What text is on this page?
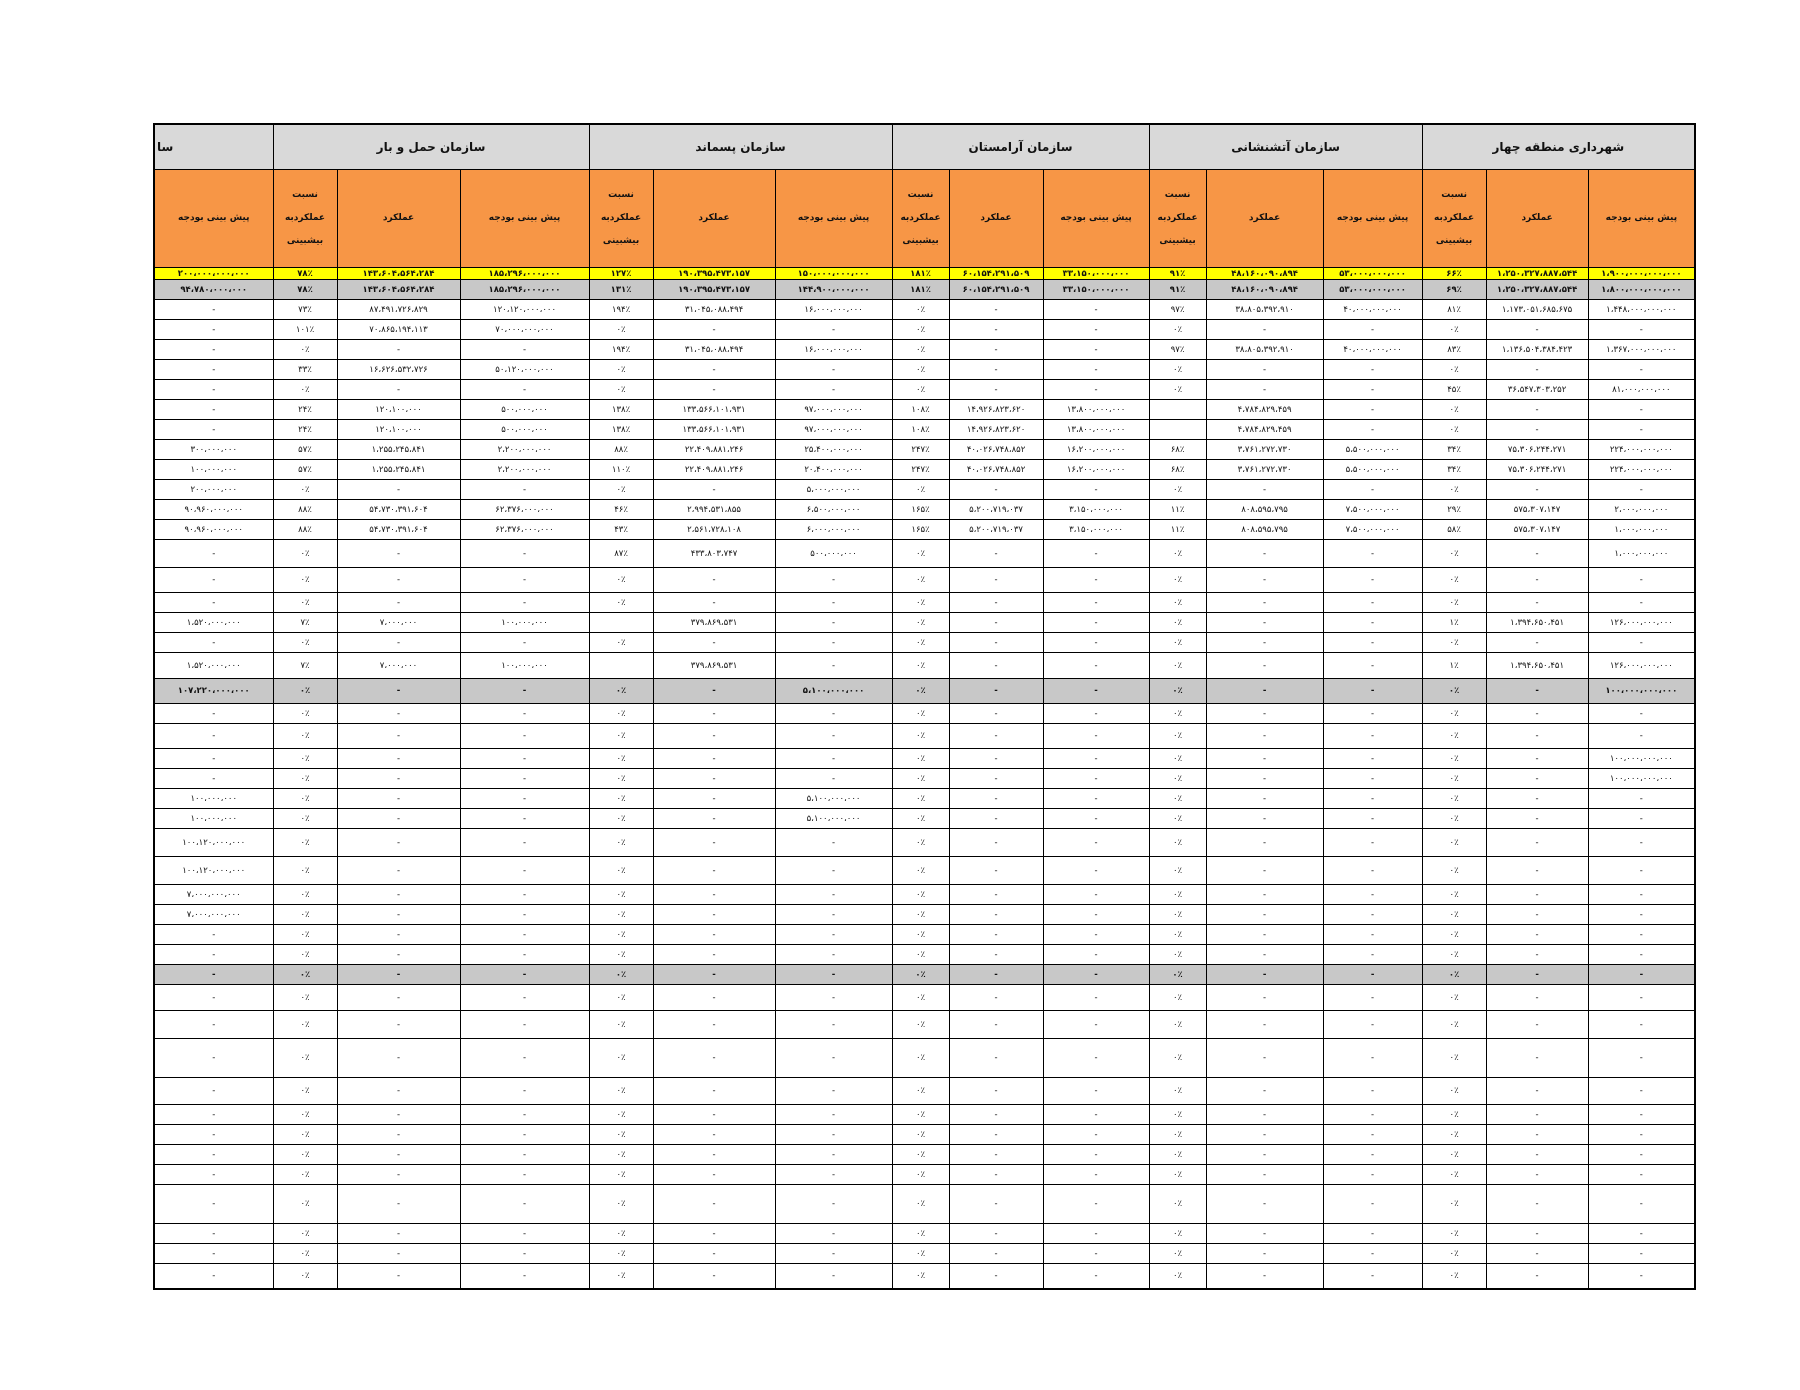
شهرداری منطقه چهار			سازمان آتشنشانی			سازمان آرامستان			سازمان پسماند			سازمان حمل و بار			سا
پیش بینی بودجه	عملکرد	نسبت عملکردبه بیشبینی	پیش بینی بودجه	عملکرد	نسبت عملکردبه بیشبینی	پیش بینی بودجه	عملکرد	نسبت عملکردبه بیشبینی	پیش بینی بودجه	عملکرد	نسبت عملکردبه بیشبینی	پیش بینی بودجه	عملکرد	نسبت عملکردبه بیشبینی	پیش بینی بودجه
۱،۹۰۰،۰۰۰،۰۰۰،۰۰۰	۱،۲۵۰،۳۲۷،۸۸۷،۵۴۴	۶۶٪	۵۳،۰۰۰،۰۰۰،۰۰۰	۴۸،۱۶۰،۰۹۰،۸۹۴	۹۱٪	۳۳،۱۵۰،۰۰۰،۰۰۰	۶۰،۱۵۴،۲۹۱،۵۰۹	۱۸۱٪	۱۵۰،۰۰۰،۰۰۰،۰۰۰	۱۹۰،۳۹۵،۴۷۳،۱۵۷	۱۲۷٪	۱۸۵،۲۹۶،۰۰۰،۰۰۰	۱۴۳،۶۰۴،۵۶۴،۲۸۴	۷۸٪	۲۰۰،۰۰۰،۰۰۰،۰۰۰
۱،۸۰۰،۰۰۰،۰۰۰،۰۰۰	۱،۲۵۰،۳۲۷،۸۸۷،۵۴۴	۶۹٪	۵۳،۰۰۰،۰۰۰،۰۰۰	۴۸،۱۶۰،۰۹۰،۸۹۴	۹۱٪	۳۳،۱۵۰،۰۰۰،۰۰۰	۶۰،۱۵۴،۲۹۱،۵۰۹	۱۸۱٪	۱۴۴،۹۰۰،۰۰۰،۰۰۰	۱۹۰،۳۹۵،۴۷۳،۱۵۷	۱۳۱٪	۱۸۵،۲۹۶،۰۰۰،۰۰۰	۱۴۳،۶۰۴،۵۶۴،۲۸۴	۷۸٪	۹۴،۷۸۰،۰۰۰،۰۰۰
۱،۴۴۸،۰۰۰،۰۰۰،۰۰۰	۱،۱۷۳،۰۵۱،۶۸۵،۶۷۵	۸۱٪	۴۰،۰۰۰،۰۰۰،۰۰۰	۳۸،۸۰۵،۳۹۲،۹۱۰	۹۷٪	-	-	۰٪	۱۶،۰۰۰،۰۰۰،۰۰۰	۳۱،۰۴۵،۰۸۸،۴۹۴	۱۹۴٪	۱۲۰،۱۲۰،۰۰۰،۰۰۰	۸۷،۴۹۱،۷۲۶،۸۲۹	۷۳٪	-
-	-	۰٪	-	-	۰٪	-	-	۰٪	-	-	۰٪	۷۰،۰۰۰،۰۰۰،۰۰۰	۷۰،۸۶۵،۱۹۴،۱۱۳	۱۰۱٪	-
۱،۳۶۷،۰۰۰،۰۰۰،۰۰۰	۱،۱۳۶،۵۰۴،۳۸۴،۴۲۳	۸۳٪	۴۰،۰۰۰،۰۰۰،۰۰۰	۳۸،۸۰۵،۳۹۲،۹۱۰	۹۷٪	-	-	۰٪	۱۶،۰۰۰،۰۰۰،۰۰۰	۳۱،۰۴۵،۰۸۸،۴۹۴	۱۹۴٪	-	-	۰٪	-
-	-	۰٪	-	-	۰٪	-	-	۰٪	-	-	۰٪	۵۰،۱۲۰،۰۰۰،۰۰۰	۱۶،۶۲۶،۵۳۲،۷۲۶	۳۳٪	-
۸۱،۰۰۰،۰۰۰،۰۰۰	۳۶،۵۴۷،۳۰۳،۲۵۲	۴۵٪	-	-	۰٪	-	-	۰٪	-	-	۰٪	-	-	۰٪	-
-	-	۰٪	-	۴،۷۸۴،۸۲۹،۴۵۹		۱۳،۸۰۰،۰۰۰،۰۰۰	۱۴،۹۲۶،۸۲۳،۶۲۰	۱۰۸٪	۹۷،۰۰۰،۰۰۰،۰۰۰	۱۳۳،۵۶۶،۱۰۱،۹۳۱	۱۳۸٪	۵۰۰،۰۰۰،۰۰۰	۱۲۰،۱۰۰،۰۰۰	۲۴٪	-
-	-	۰٪	-	۴،۷۸۴،۸۲۹،۴۵۹		۱۳،۸۰۰،۰۰۰،۰۰۰	۱۴،۹۲۶،۸۲۳،۶۲۰	۱۰۸٪	۹۷،۰۰۰،۰۰۰،۰۰۰	۱۳۳،۵۶۶،۱۰۱،۹۳۱	۱۳۸٪	۵۰۰،۰۰۰،۰۰۰	۱۲۰،۱۰۰،۰۰۰	۲۴٪	-
۲۲۴،۰۰۰،۰۰۰،۰۰۰	۷۵،۳۰۶،۲۴۴،۲۷۱	۳۴٪	۵،۵۰۰،۰۰۰،۰۰۰	۳،۷۶۱،۲۷۲،۷۳۰	۶۸٪	۱۶،۲۰۰،۰۰۰،۰۰۰	۴۰،۰۲۶،۷۴۸،۸۵۲	۲۴۷٪	۲۵،۴۰۰،۰۰۰،۰۰۰	۲۲،۴۰۹،۸۸۱،۲۴۶	۸۸٪	۲،۲۰۰،۰۰۰،۰۰۰	۱،۲۵۵،۲۴۵،۸۴۱	۵۷٪	۳۰۰،۰۰۰،۰۰۰
۲۲۴،۰۰۰،۰۰۰،۰۰۰	۷۵،۳۰۶،۲۴۴،۲۷۱	۳۴٪	۵،۵۰۰،۰۰۰،۰۰۰	۳،۷۶۱،۲۷۲،۷۳۰	۶۸٪	۱۶،۲۰۰،۰۰۰،۰۰۰	۴۰،۰۲۶،۷۴۸،۸۵۲	۲۴۷٪	۲۰،۴۰۰،۰۰۰،۰۰۰	۲۲،۴۰۹،۸۸۱،۲۴۶	۱۱۰٪	۲،۲۰۰،۰۰۰،۰۰۰	۱،۲۵۵،۲۴۵،۸۴۱	۵۷٪	۱۰۰،۰۰۰،۰۰۰
-	-	۰٪	-	-	۰٪	-	-	۰٪	۵،۰۰۰،۰۰۰،۰۰۰	-	۰٪	-	-	۰٪	۲۰۰،۰۰۰،۰۰۰
۲،۰۰۰،۰۰۰،۰۰۰	۵۷۵،۳۰۷،۱۴۷	۲۹٪	۷،۵۰۰،۰۰۰،۰۰۰	۸۰۸،۵۹۵،۷۹۵	۱۱٪	۳،۱۵۰،۰۰۰،۰۰۰	۵،۲۰۰،۷۱۹،۰۳۷	۱۶۵٪	۶،۵۰۰،۰۰۰،۰۰۰	۲،۹۹۴،۵۳۱،۸۵۵	۴۶٪	۶۲،۳۷۶،۰۰۰،۰۰۰	۵۴،۷۳۰،۳۹۱،۶۰۴	۸۸٪	۹۰،۹۶۰،۰۰۰،۰۰۰
۱،۰۰۰،۰۰۰،۰۰۰	۵۷۵،۳۰۷،۱۴۷	۵۸٪	۷،۵۰۰،۰۰۰،۰۰۰	۸۰۸،۵۹۵،۷۹۵	۱۱٪	۳،۱۵۰،۰۰۰،۰۰۰	۵،۲۰۰،۷۱۹،۰۳۷	۱۶۵٪	۶،۰۰۰،۰۰۰،۰۰۰	۲،۵۶۱،۷۲۸،۱۰۸	۴۳٪	۶۲،۳۷۶،۰۰۰،۰۰۰	۵۴،۷۳۰،۳۹۱،۶۰۴	۸۸٪	۹۰،۹۶۰،۰۰۰،۰۰۰
۱،۰۰۰،۰۰۰،۰۰۰	-	۰٪	-	-	۰٪	-	-	۰٪	۵۰۰،۰۰۰،۰۰۰	۴۳۳،۸۰۳،۷۴۷	۸۷٪	-	-	۰٪	-
-	-	۰٪	-	-	۰٪	-	-	۰٪	-	-	۰٪	-	-	۰٪	-
-	-	۰٪	-	-	۰٪	-	-	۰٪	-	-	۰٪	-	-	۰٪	-
۱۲۶،۰۰۰،۰۰۰،۰۰۰	۱،۳۹۴،۶۵۰،۴۵۱	۱٪	-	-	۰٪	-	-	۰٪	-	۳۷۹،۸۶۹،۵۳۱		۱۰۰،۰۰۰،۰۰۰	۷،۰۰۰،۰۰۰	۷٪	۱،۵۲۰،۰۰۰،۰۰۰
-	-	۰٪	-	-	۰٪	-	-	۰٪	-	-	۰٪	-	-	۰٪	-
۱۲۶،۰۰۰،۰۰۰،۰۰۰	۱،۳۹۴،۶۵۰،۴۵۱	۱٪	-	-	۰٪	-	-	۰٪	-	۳۷۹،۸۶۹،۵۳۱		۱۰۰،۰۰۰،۰۰۰	۷،۰۰۰،۰۰۰	۷٪	۱،۵۲۰،۰۰۰،۰۰۰
۱۰۰،۰۰۰،۰۰۰،۰۰۰	-	۰٪	-	-	۰٪	-	-	۰٪	۵،۱۰۰،۰۰۰،۰۰۰	-	۰٪	-	-	۰٪	۱۰۷،۲۲۰،۰۰۰،۰۰۰
-	-	۰٪	-	-	۰٪	-	-	۰٪	-	-	۰٪	-	-	۰٪	-
-	-	۰٪	-	-	۰٪	-	-	۰٪	-	-	۰٪	-	-	۰٪	-
۱۰۰،۰۰۰،۰۰۰،۰۰۰	-	۰٪	-	-	۰٪	-	-	۰٪	-	-	۰٪	-	-	۰٪	-
۱۰۰،۰۰۰،۰۰۰،۰۰۰	-	۰٪	-	-	۰٪	-	-	۰٪	-	-	۰٪	-	-	۰٪	-
-	-	۰٪	-	-	۰٪	-	-	۰٪	۵،۱۰۰،۰۰۰،۰۰۰	-	۰٪	-	-	۰٪	۱۰۰،۰۰۰،۰۰۰
-	-	۰٪	-	-	۰٪	-	-	۰٪	۵،۱۰۰،۰۰۰،۰۰۰	-	۰٪	-	-	۰٪	۱۰۰،۰۰۰،۰۰۰
-	-	۰٪	-	-	۰٪	-	-	۰٪	-	-	۰٪	-	-	۰٪	۱۰۰،۱۲۰،۰۰۰،۰۰۰
-	-	۰٪	-	-	۰٪	-	-	۰٪	-	-	۰٪	-	-	۰٪	۱۰۰،۱۲۰،۰۰۰،۰۰۰
-	-	۰٪	-	-	۰٪	-	-	۰٪	-	-	۰٪	-	-	۰٪	۷،۰۰۰،۰۰۰،۰۰۰
-	-	۰٪	-	-	۰٪	-	-	۰٪	-	-	۰٪	-	-	۰٪	۷،۰۰۰،۰۰۰،۰۰۰
-	-	۰٪	-	-	۰٪	-	-	۰٪	-	-	۰٪	-	-	۰٪	-
-	-	۰٪	-	-	۰٪	-	-	۰٪	-	-	۰٪	-	-	۰٪	-
-	-	۰٪	-	-	۰٪	-	-	۰٪	-	-	۰٪	-	-	۰٪	-
-	-	۰٪	-	-	۰٪	-	-	۰٪	-	-	۰٪	-	-	۰٪	-
-	-	۰٪	-	-	۰٪	-	-	۰٪	-	-	۰٪	-	-	۰٪	-
-	-	۰٪	-	-	۰٪	-	-	۰٪	-	-	۰٪	-	-	۰٪	-
-	-	۰٪	-	-	۰٪	-	-	۰٪	-	-	۰٪	-	-	۰٪	-
-	-	۰٪	-	-	۰٪	-	-	۰٪	-	-	۰٪	-	-	۰٪	-
-	-	۰٪	-	-	۰٪	-	-	۰٪	-	-	۰٪	-	-	۰٪	-
-	-	۰٪	-	-	۰٪	-	-	۰٪	-	-	۰٪	-	-	۰٪	-
-	-	۰٪	-	-	۰٪	-	-	۰٪	-	-	۰٪	-	-	۰٪	-
-	-	۰٪	-	-	۰٪	-	-	۰٪	-	-	۰٪	-	-	۰٪	-
-	-	۰٪	-	-	۰٪	-	-	۰٪	-	-	۰٪	-	-	۰٪	-
-	-	۰٪	-	-	۰٪	-	-	۰٪	-	-	۰٪	-	-	۰٪	-
-	-	۰٪	-	-	۰٪	-	-	۰٪	-	-	۰٪	-	-	۰٪	-
